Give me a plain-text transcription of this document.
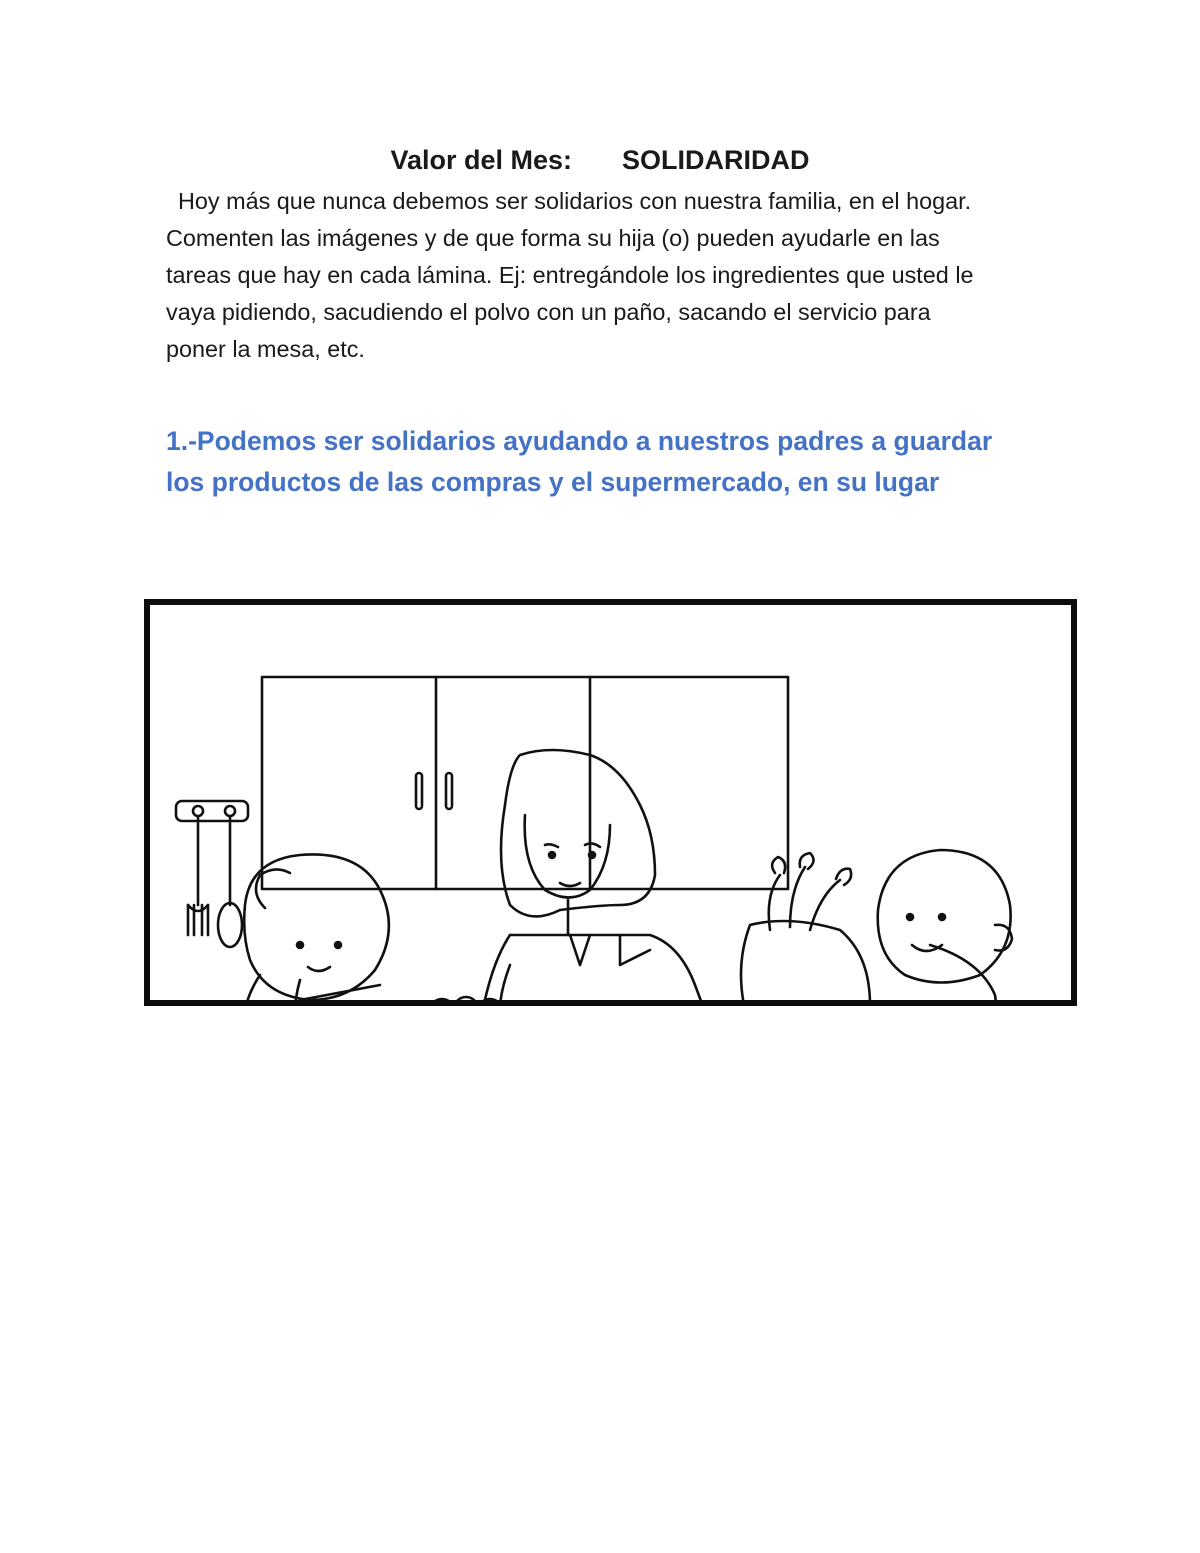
Valor del Mes: SOLIDARIDAD
Hoy más que nunca debemos ser solidarios con nuestra familia, en el hogar.
Comenten las imágenes y de que forma su hija (o) pueden ayudarle en las
tareas que hay en cada lámina. Ej: entregándole los ingredientes que usted le
vaya pidiendo, sacudiendo el polvo con un paño, sacando el servicio para
poner la mesa, etc.
1.-Podemos ser solidarios ayudando a nuestros padres a guardar
los productos de las compras y el supermercado, en su lugar
